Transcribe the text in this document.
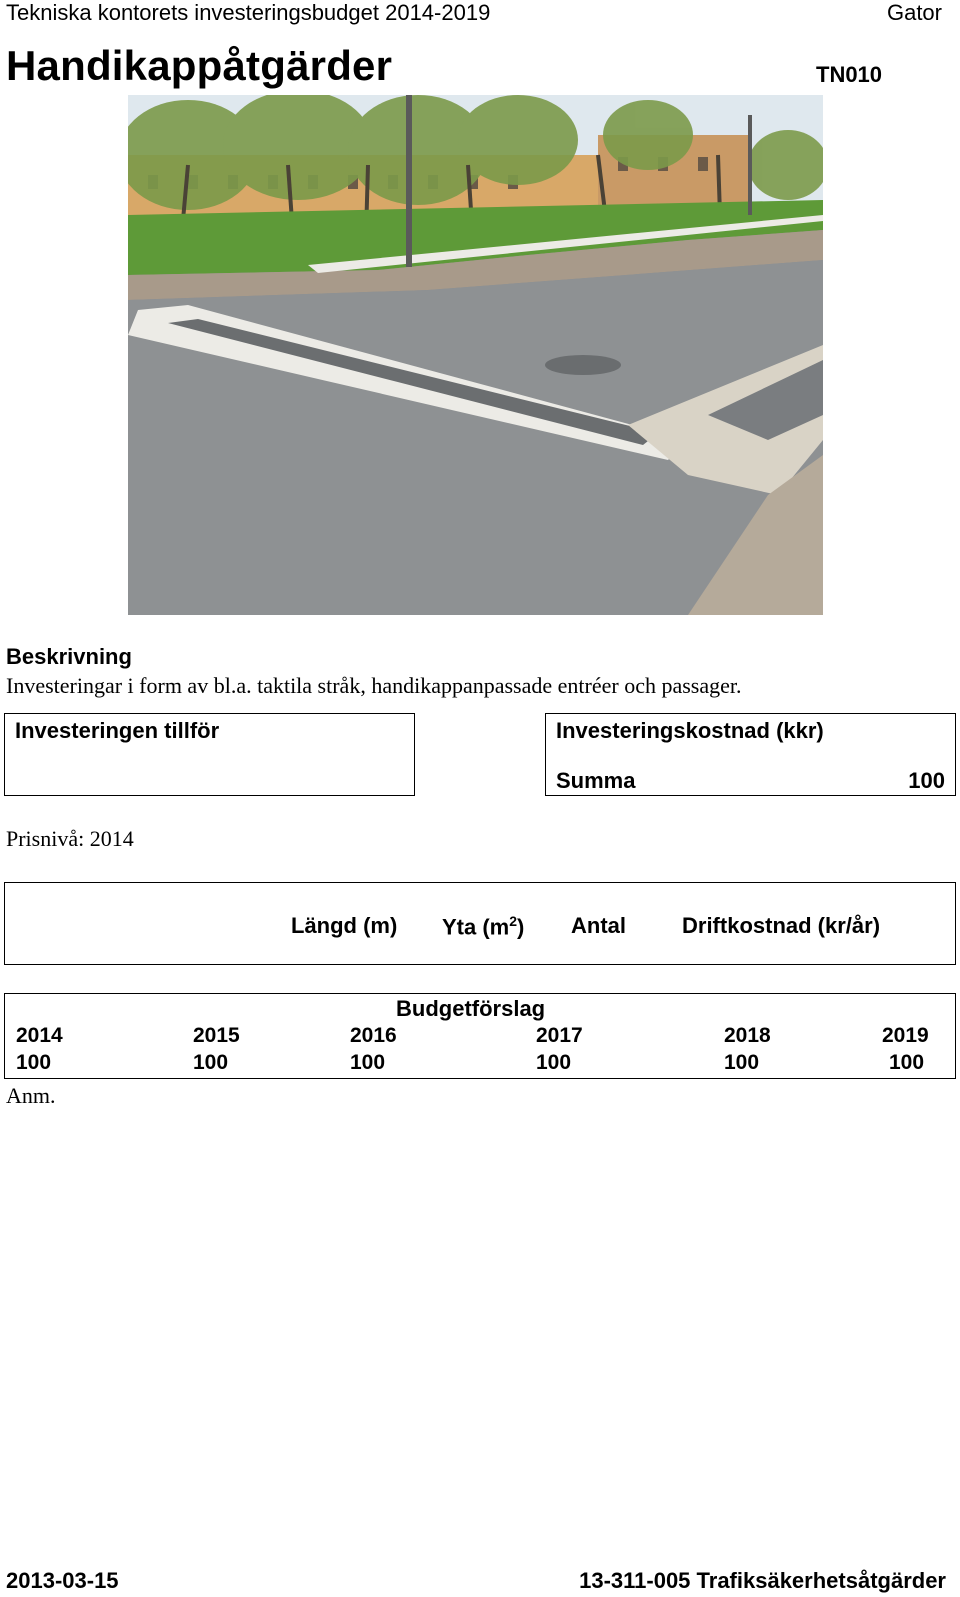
Tekniska kontorets investeringsbudget 2014-2019	Gator
Handikappåtgärder	TN010
Beskrivning
Investeringar i form av bl.a. taktila stråk, handikappanpassade entréer och passager.
Investeringen tillför	Investeringskostnad (kkr)
Summa	100
Prisnivå: 2014
Längd (m) Yta $(m^2)$ Antal	Driftkostnad (kr/år)
Budgetförslag
2014	2015	2016	2017	2018	2019
100	100	100	100	100	100
Anm.
2013-03-15	13-311-005 Trafiksäkerhetsåtgärder
